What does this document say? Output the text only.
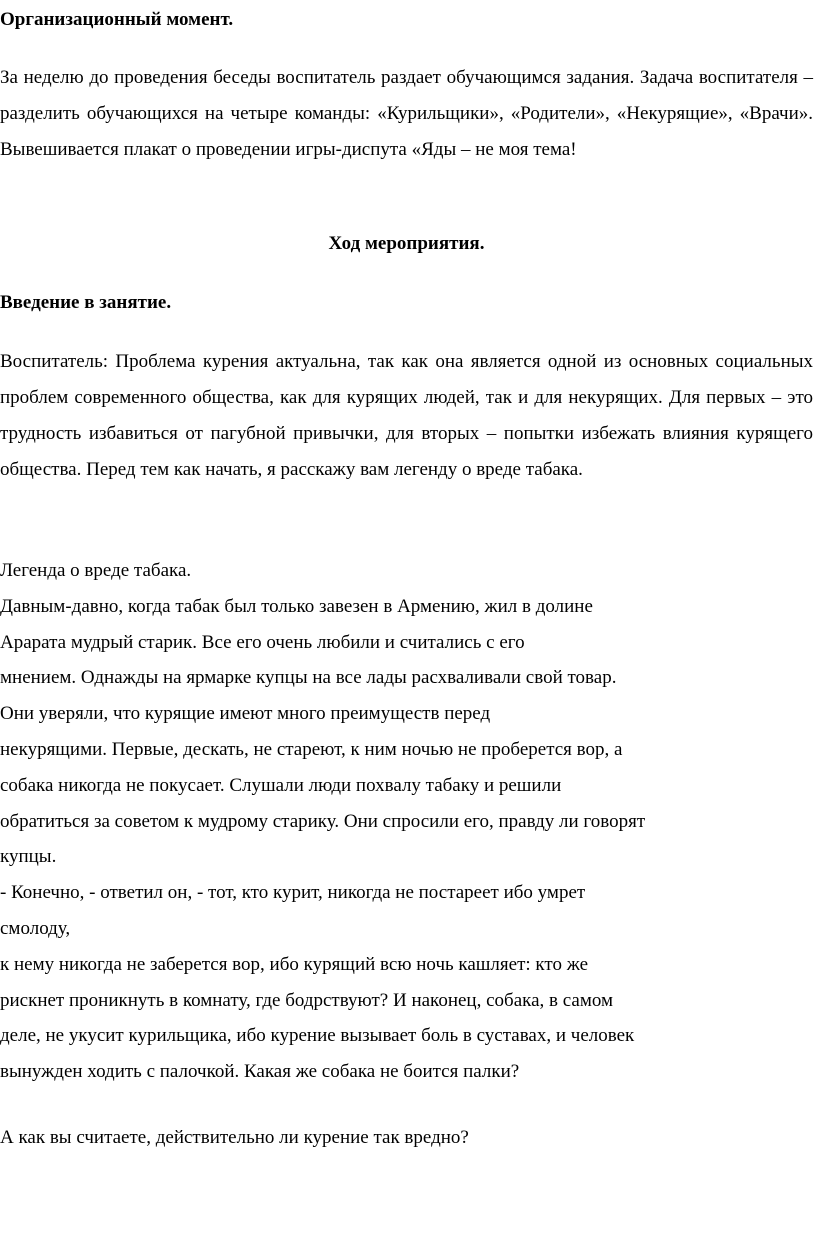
Организационный момент.
За неделю до проведения беседы воспитатель раздает обучающимся задания. Задача воспитателя – разделить обучающихся на четыре команды: «Курильщики», «Родители», «Некурящие», «Врачи». Вывешивается плакат о проведении игры-диспута «Яды – не моя тема!
Ход мероприятия.
Введение в занятие.
Воспитатель: Проблема курения актуальна, так как она является одной из основных социальных проблем современного общества, как для курящих людей, так и для некурящих. Для первых – это трудность избавиться от пагубной привычки, для вторых – попытки избежать влияния курящего общества. Перед тем как начать, я расскажу вам легенду о вреде табака.
Легенда о вреде табака.
Давным-давно, когда табак был только завезен в Армению, жил в долине
Арарата мудрый старик. Все его очень любили и считались с его
мнением. Однажды на ярмарке купцы на все лады расхваливали свой товар.
Они уверяли, что курящие имеют много преимуществ перед
некурящими. Первые, дескать, не стареют, к ним ночью не проберется вор, а
собака никогда не покусает. Слушали люди похвалу табаку и решили
обратиться за советом к мудрому старику. Они спросили его, правду ли говорят
купцы.
- Конечно, - ответил он, - тот, кто курит, никогда не постареет ибо умрет
смолоду,
к нему никогда не заберется вор, ибо курящий всю ночь кашляет: кто же
рискнет проникнуть в комнату, где бодрствуют? И наконец, собака, в самом
деле, не укусит курильщика, ибо курение вызывает боль в суставах, и человек
вынужден ходить с палочкой. Какая же собака не боится палки?
А как вы считаете, действительно ли курение так вредно?
